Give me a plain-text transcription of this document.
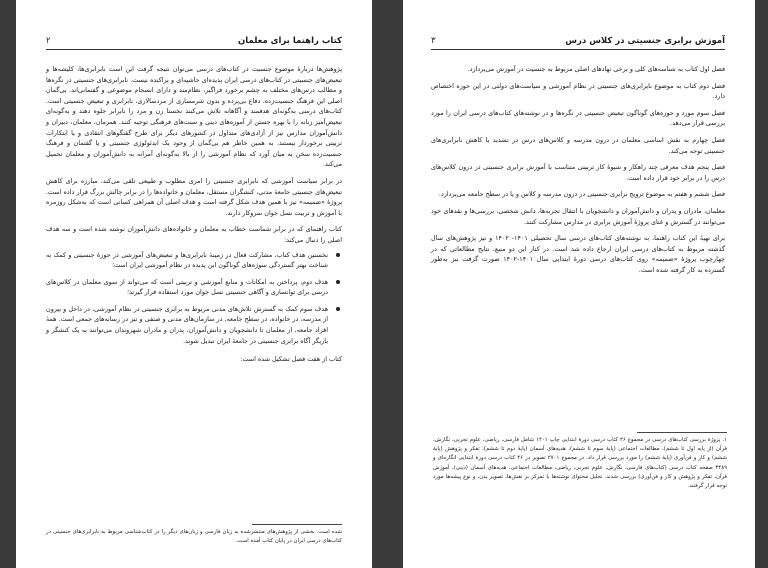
کتاب راهنما برای معلمان
۲

پژوهش‌ها دربارهٔ موضوع جنسیت در کتاب‌های درسی می‌توان نتیجه گرفت این است نابرابری‌ها، کلیشه‌ها و تبعیض‌های جنسیتی در کتاب‌های درسی ایران پدیده‌ای حاشیه‌ای و پراکنده نیست. نابرابری‌های جنسیتی در نگره‌ها و مطالب درس‌های مختلف به چشم برخورد فراگیر، نظام‌مند و دارای انسجام موضوعی و گفتمانی‌اند. بی‌گمان اصلی این فرهنگ جنسیت‌زده، دفاع بی‌پرده و بدون شرمساری از مردسالاری، نابرابری و تبعیض جنسیتی است. کتاب‌های درسی به‌گونه‌ای هدفمند و آگاهانه تلاش می‌کنند نخستا زن و مرد را نابرابر جلوه دهند و به‌گونه‌ای تبعیض‌آمیز زنانه را با بهره جستن از آموزه‌های دینی و سنت‌های فرهنگی توجیه کنند. همزمان، معلمان، دبیران و دانش‌آموزان مدارس نیز از آزادی‌های متداول در کشورهای دیگر برای طرح گفتگوهای انتقادی و یا ابتکارات تربیتی برخوردار نیستند. به همین خاطر هم بی‌گمان از وجود یک ایدئولوژی جنسیتی و یا گفتمان و فرهنگ جنسیت‌زده سخن به میان آورد که نظام آموزشی را از بالا به‌گونه‌ای آمرانه به دانش‌آموزان و معلمان تحمیل می‌کند.

در برابر سیاست آموزشی که نابرابری جنسیتی را امری مطلوب و طبیعی تلقی می‌کند، مبارزه برای کاهش تبعیض‌های جنسیتی جامعهٔ مدنی، کنشگران مستقل، معلمان و خانواده‌ها را در برابر چالش بزرگ قرار داده است. پروژهٔ «ضمیمه» نیز با همین هدف شکل گرفته است و هدف اصلی آن همراهی کسانی است که به‌شکل روزمره با آموزش و تربیت نسل جوان سروکار دارند.

کتاب راهنمای که در برابر شماست خطاب به معلمان و خانواده‌های دانش‌آموزان نوشته شده است و سه هدف اصلی را دنبال می‌کند:

نخستین هدف کتاب، مشارکت فعال در زمینهٔ نابرابری‌ها و تبعیض‌های آموزشی در حوزهٔ جنسیتی و کمک به شناخت بهتر گستردگی سوژه‌های گوناگون این پدیده در نظام آموزشی ایران است؛
هدف دوم، پرداختن به امکانات و منابع آموزشی و تربیتی است که می‌تواند از سوی معلمان در کلاس‌های درسی برای توانسازی و آگاهی جنسیتی نسل جوان مورد استفاده قرار گیرند؛
هدف سوم کمک به گسترش تلاش‌های مدنی مربوط به برابری جنسیتی در نظام آموزشی، در داخل و بیرون از مدرسه، در خانواده، در سطح جامعه، در سازمان‌های مدنی و صنفی و نیز در رسانه‌های جمعی است. همهٔ افراد جامعه، از معلمان تا دانشجویان و دانش‌آموزان، پدران و مادران شهروندان می‌توانند به یک کنشگر و بازیگر آگاه برابری جنسیتی در جامعهٔ ایران تبدیل شوند.

کتاب از هفت فصل تشکیل شده است:

شده است. بخشی از پژوهش‌های منتشرشده به زبان فارسی و زبان‌های دیگر را در کتاب‌شناسی مربوط به نابرابری‌های جنسیتی در کتاب‌های درسی ایران در پایان کتاب آمده است.
آموزش برابری جنسیتی در کلاس درس
۳

فصل اول کتاب به شناسه‌های کلی و برخی نهادهای اصلی مربوط به جنسیت در آموزش می‌پردازد.

فصل دوم کتاب به موضوع نابرابری‌های جنسیتی در نظام آموزشی و سیاست‌های دولتی در این حوزه اختصاص دارد.

فصل سوم مورد و حوزه‌های گوناگون تبعیض جنسیتی در نگره‌ها و در نوشته‌های کتاب‌های درسی ایران را مورد بررسی قرار می‌دهد.

فصل چهارم به نقش اساسی معلمان در درون مدرسه و کلاس‌های درس در تشدید یا کاهش نابرابری‌های جنسیتی توجه می‌کند.

فصل پنجم هدف معرفی چند راهکار و شیوهٔ کار تربیتی متناسب با آموزش برابری جنسیتی در درون کلاس‌های درس را در برابر خود قرار داده است.

فصل ششم و هفتم به موضوع ترویج برابری جنسیتی در درون مدرسه و کلاس و یا در سطح جامعه می‌پردازد.

معلمان، مادران و پدران و دانش‌آموزان و دانشجویان با انتقال تجربه‌ها، دانش شخصی، بررسی‌ها و نقدهای خود می‌توانند در گسترش و غنای پروژهٔ آموزش برابری در مدارس مشارکت کنند.

برای تهیهٔ این کتاب راهنما، به نوشته‌های کتاب‌های درسی سال تحصیلی ۱۴۰۱- ۱۴۰۲ و نیز پژوهش‌های سال گذشته مربوط به کتاب‌های درسی ایران ارجاع داده شد است. در کنار این دو منبع، نتایج مطالعاتی که در چهارچوب پروژهٔ «ضمیمه» روی کتاب‌های درسی دورهٔ ابتدایی سال ۱۴۰۱-۱۴۰۲ صورت گرفت نیز به‌طور گسترده به کار گرفته شده است.

۱. پروژهٔ بررسی کتاب‌های درسی در مجموع ۴۶ کتاب درسی دورهٔ ابتدایی چاپ ۱۴۰۱ شامل فارسی، ریاضی، علوم تجربی، نگارش، قرآن (از پایه اول تا ششم)، مطالعات اجتماعی (پایهٔ سوم تا ششم)، هدیه‌های آسمان (پایهٔ دوم تا ششم)، تفکر و پژوهش (پایهٔ ششم) و کار و فن‌آوری (پایهٔ ششم) را مورد بررسی قرار داد. در مجموع ۲۷۰۱ تصویر در ۴۶ کتاب درسی دورهٔ ابتدایی انگاره‌ای و ۳۴۸۹ صفحه کتاب درسی (کتاب‌های فارسی، نگارش، علوم تجربی، ریاضی، مطالعات اجتماعی، هدیه‌های آسمان (دینی)، آموزش قرآن، تفکر و پژوهش و کار و فن‌آوری) بررسی شدند. تحلیل محتوای نوشته‌ها با تمرکز بر نقش‌ها، تصویر بدن، و نوع پیشه‌ها مورد توجه قرار گرفتند.
